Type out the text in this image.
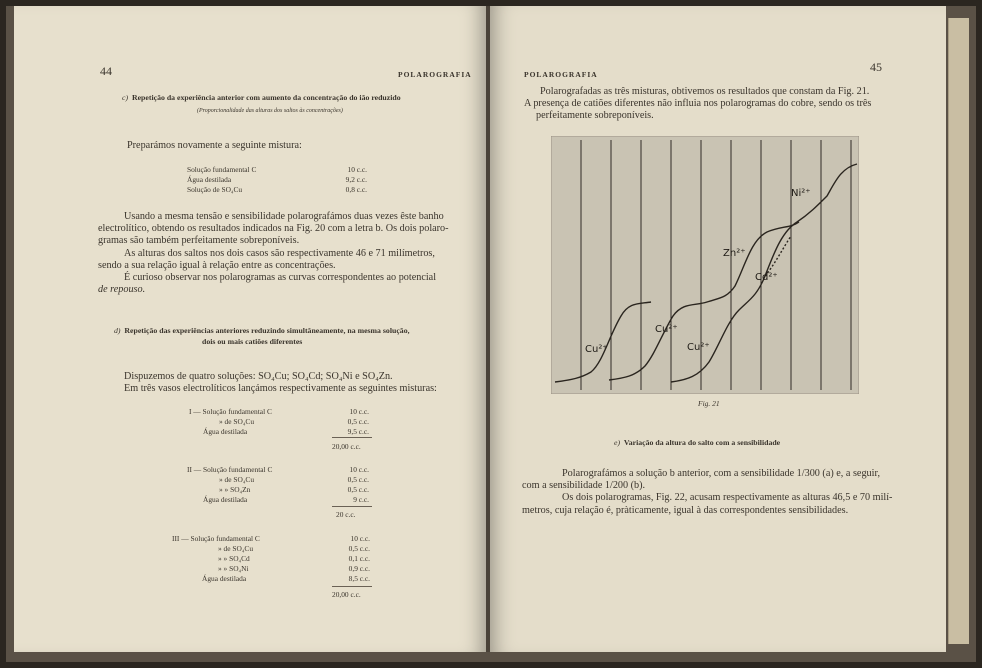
44	POLAROGRAFIA
c) Repetição da experiência anterior com aumento da concentração do ião reduzido
(Proporcionalidade das alturas dos saltos às concentrações)
Preparámos novamente a seguinte mistura:
Solução fundamental C	10 c.c.
Água destilada	9,2 c.c.
Solução de SO₄Cu	0,8 c.c.
Usando a mesma tensão e sensibilidade polarografámos duas vezes êste banho
electrolítico, obtendo os resultados indicados na Fig. 20 com a letra b. Os dois polaro-
gramas são também perfeitamente sobreponíveis.
As alturas dos saltos nos dois casos são respectivamente 46 e 71 milímetros,
sendo a sua relação igual à relação entre as concentrações.
É curioso observar nos polarogramas as curvas correspondentes ao potencial
de repouso.
d) Repetição das experiências anteriores reduzindo simultâneamente, na mesma solução,
dois ou mais catiões diferentes
Dispuzemos de quatro soluções: SO₄Cu; SO₄Cd; SO₄Ni e SO₄Zn.
Em três vasos electrolíticos lançámos respectivamente as seguintes misturas:
I — Solução fundamental C	10 c.c.
» de SO₄Cu	0,5 c.c.
Água destilada	9,5 c.c.
20,00 c.c.
II — Solução fundamental C	10 c.c.
» de SO₄Cu	0,5 c.c.
» » SO₄Zn	0,5 c.c.
Água destilada	9 c.c.
20 c.c.
III — Solução fundamental C	10 c.c.
» de SO₄Cu	0,5 c.c.
» » SO₄Cd	0,1 c.c.
» » SO₄Ni	0,9 c.c.
Água destilada	8,5 c.c.
20,00 c.c.
POLAROGRAFIA
45
Polarografadas as três misturas, obtivemos os resultados que constam da Fig. 21.
A presença de catiões diferentes não influia nos polarogramas do cobre, sendo os três
perfeitamente sobreponíveis.
Cu²⁺
Cu²⁺
Cu²⁺
Zn²⁺
Cd²⁺
Ni²⁺
Fig. 21
e) Variação da altura do salto com a sensibilidade
Polarografámos a solução b anterior, com a sensibilidade 1/300 (a) e, a seguir,
com a sensibilidade 1/200 (b).
Os dois polarogramas, Fig. 22, acusam respectivamente as alturas 46,5 e 70 milí-
metros, cuja relação é, pràticamente, igual à das correspondentes sensibilidades.
